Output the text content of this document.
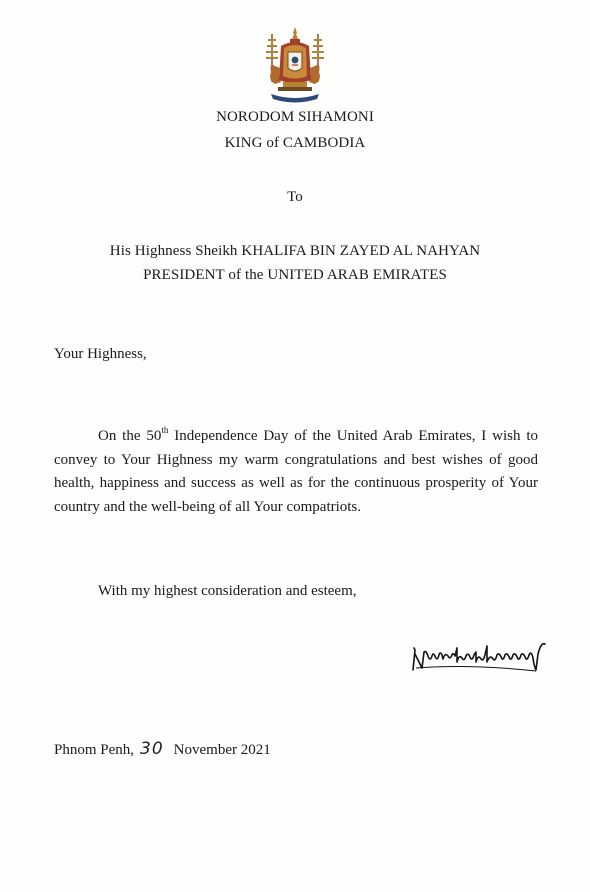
NORODOM SIHAMONI
KING of CAMBODIA
To
His Highness Sheikh KHALIFA BIN ZAYED AL NAHYAN
PRESIDENT of the UNITED ARAB EMIRATES
Your Highness,
On the 50th Independence Day of the United Arab Emirates, I wish to convey to Your Highness my warm congratulations and best wishes of good health, happiness and success as well as for the continuous prosperity of Your country and the well-being of all Your compatriots.
With my highest consideration and esteem,
Phnom Penh, 30 November 2021
